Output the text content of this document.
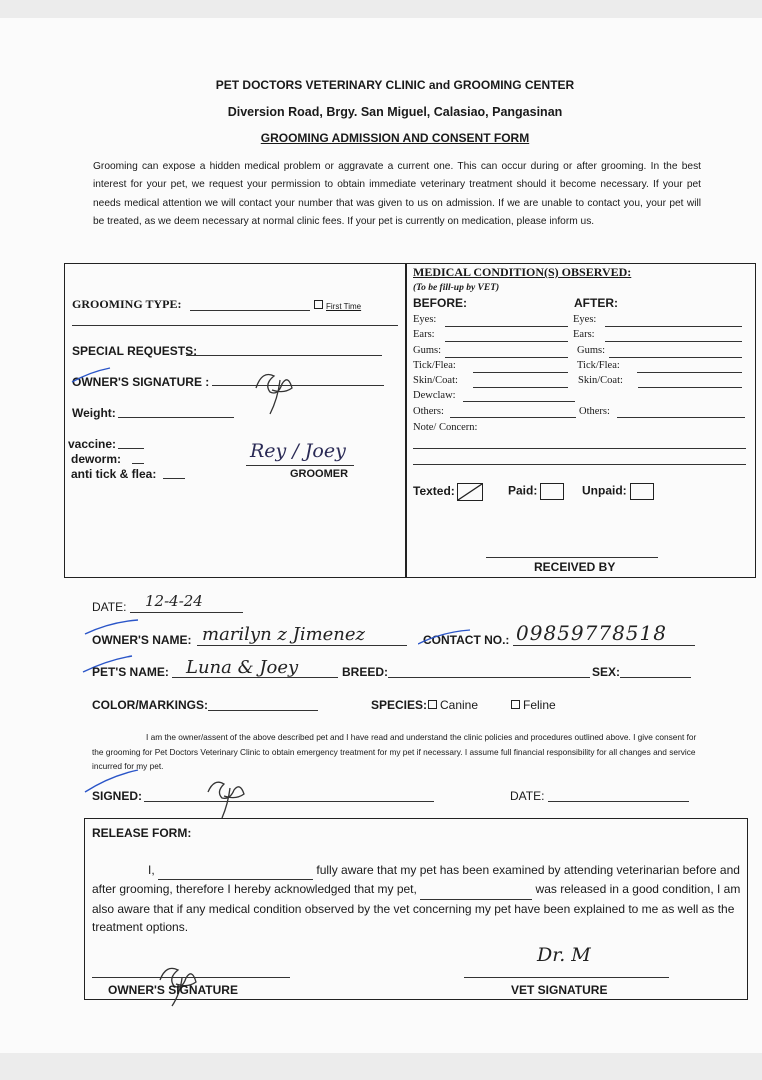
PET DOCTORS VETERINARY CLINIC and GROOMING CENTER
Diversion Road, Brgy. San Miguel, Calasiao, Pangasinan
GROOMING ADMISSION AND CONSENT FORM
Grooming can expose a hidden medical problem or aggravate a current one. This can occur during or after grooming. In the best interest for your pet, we request your permission to obtain immediate veterinary treatment should it become necessary. If your pet needs medical attention we will contact your number that was given to us on admission. If we are unable to contact you, your pet will be treated, as we deem necessary at normal clinic fees. If your pet is currently on medication, please inform us.
GROOMING TYPE:	First Time
SPECIAL REQUESTS:
OWNER'S SIGNATURE :
Weight:
vaccine:
deworm:
anti tick & flea:
Rey / Joey
GROOMER
MEDICAL CONDITION(S) OBSERVED:
(To be fill-up by VET)
BEFORE:	AFTER:
Eyes:	Eyes:
Ears:	Ears:
Gums:	Gums:
Tick/Flea:	Tick/Flea:
Skin/Coat:	Skin/Coat:
Dewclaw:
Others:	Others:
Note/ Concern:
Texted:	Paid:	Unpaid:
RECEIVED BY
DATE: 12-4-24
OWNER'S NAME: marilyn z Jimenez	CONTACT NO.: 09859778518
PET'S NAME: Luna & Joey	BREED:	SEX:
COLOR/MARKINGS:	SPECIES:	Canine	Feline
I am the owner/assent of the above described pet and I have read and understand the clinic policies and procedures outlined above. I give consent for the grooming for Pet Doctors Veterinary Clinic to obtain emergency treatment for my pet if necessary. I assume full financial responsibility for all changes and service incurred for my pet.
SIGNED:	DATE:
RELEASE FORM:
I,	fully aware that my pet has been examined by attending veterinarian before and after grooming, therefore I hereby acknowledged that my pet,	was released in a good condition, I am also aware that if any medical condition observed by the vet concerning my pet have been explained to me as well as the treatment options.
OWNER'S SIGNATURE
Dr. M
VET SIGNATURE
